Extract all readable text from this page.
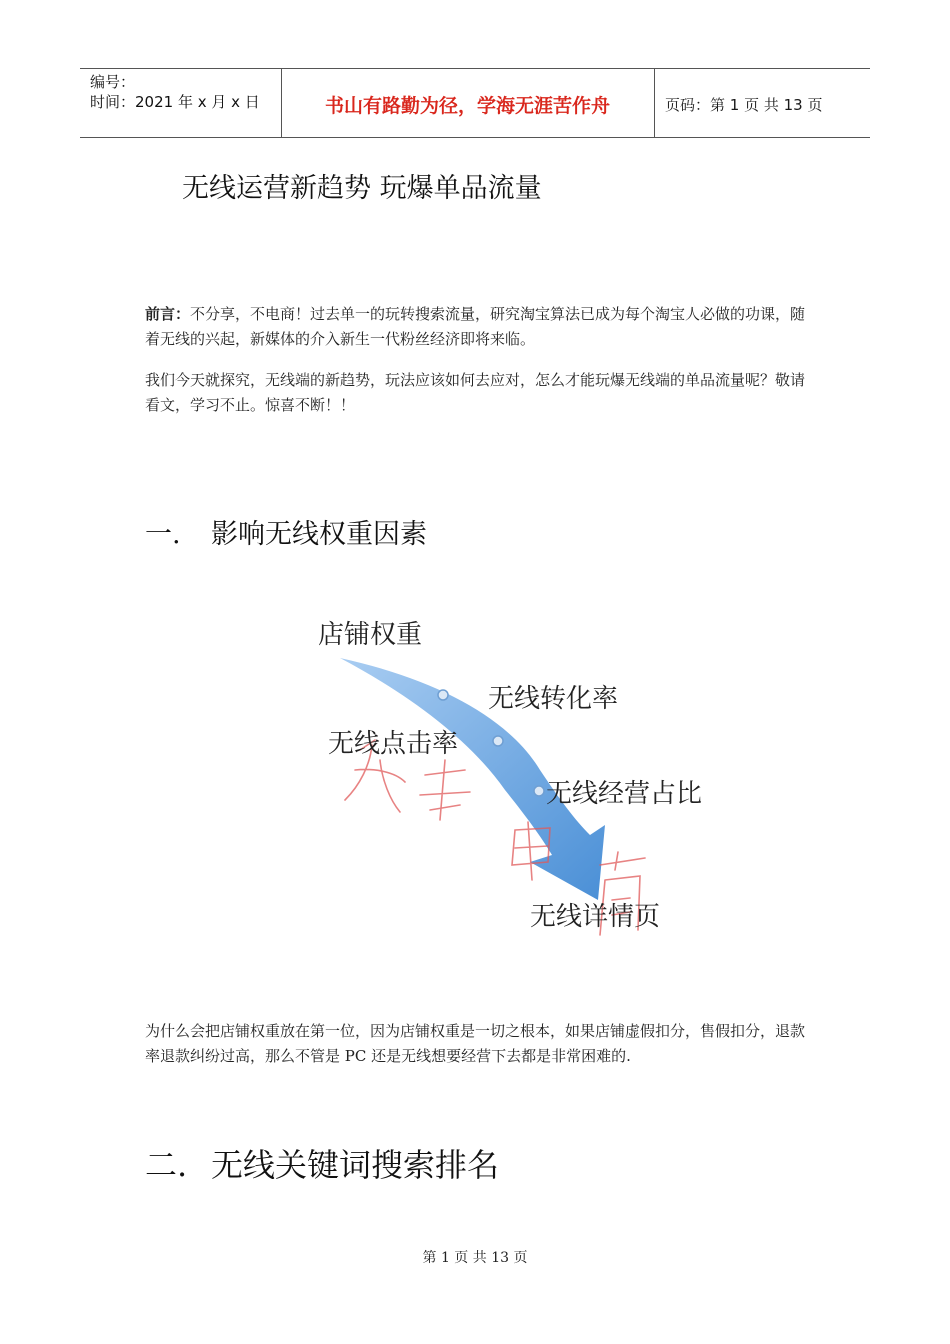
编号：
时间：2021 年 x 月 x 日	书山有路勤为径，学海无涯苦作舟	页码：第 1 页 共 13 页
无线运营新趋势 玩爆单品流量
前言：不分享，不电商！过去单一的玩转搜索流量，研究淘宝算法已成为每个淘宝人必做的功课，随着无线的兴起，新媒体的介入新生一代粉丝经济即将来临。
我们今天就探究，无线端的新趋势，玩法应该如何去应对，怎么才能玩爆无线端的单品流量呢？敬请看文，学习不止。惊喜不断！！
一. 影响无线权重因素
店铺权重
无线转化率
无线点击率
无线经营占比
无线详情页
为什么会把店铺权重放在第一位，因为店铺权重是一切之根本，如果店铺虚假扣分，售假扣分，退款率退款纠纷过高，那么不管是 PC 还是无线想要经营下去都是非常困难的.
二. 无线关键词搜索排名
第 1 页 共 13 页
